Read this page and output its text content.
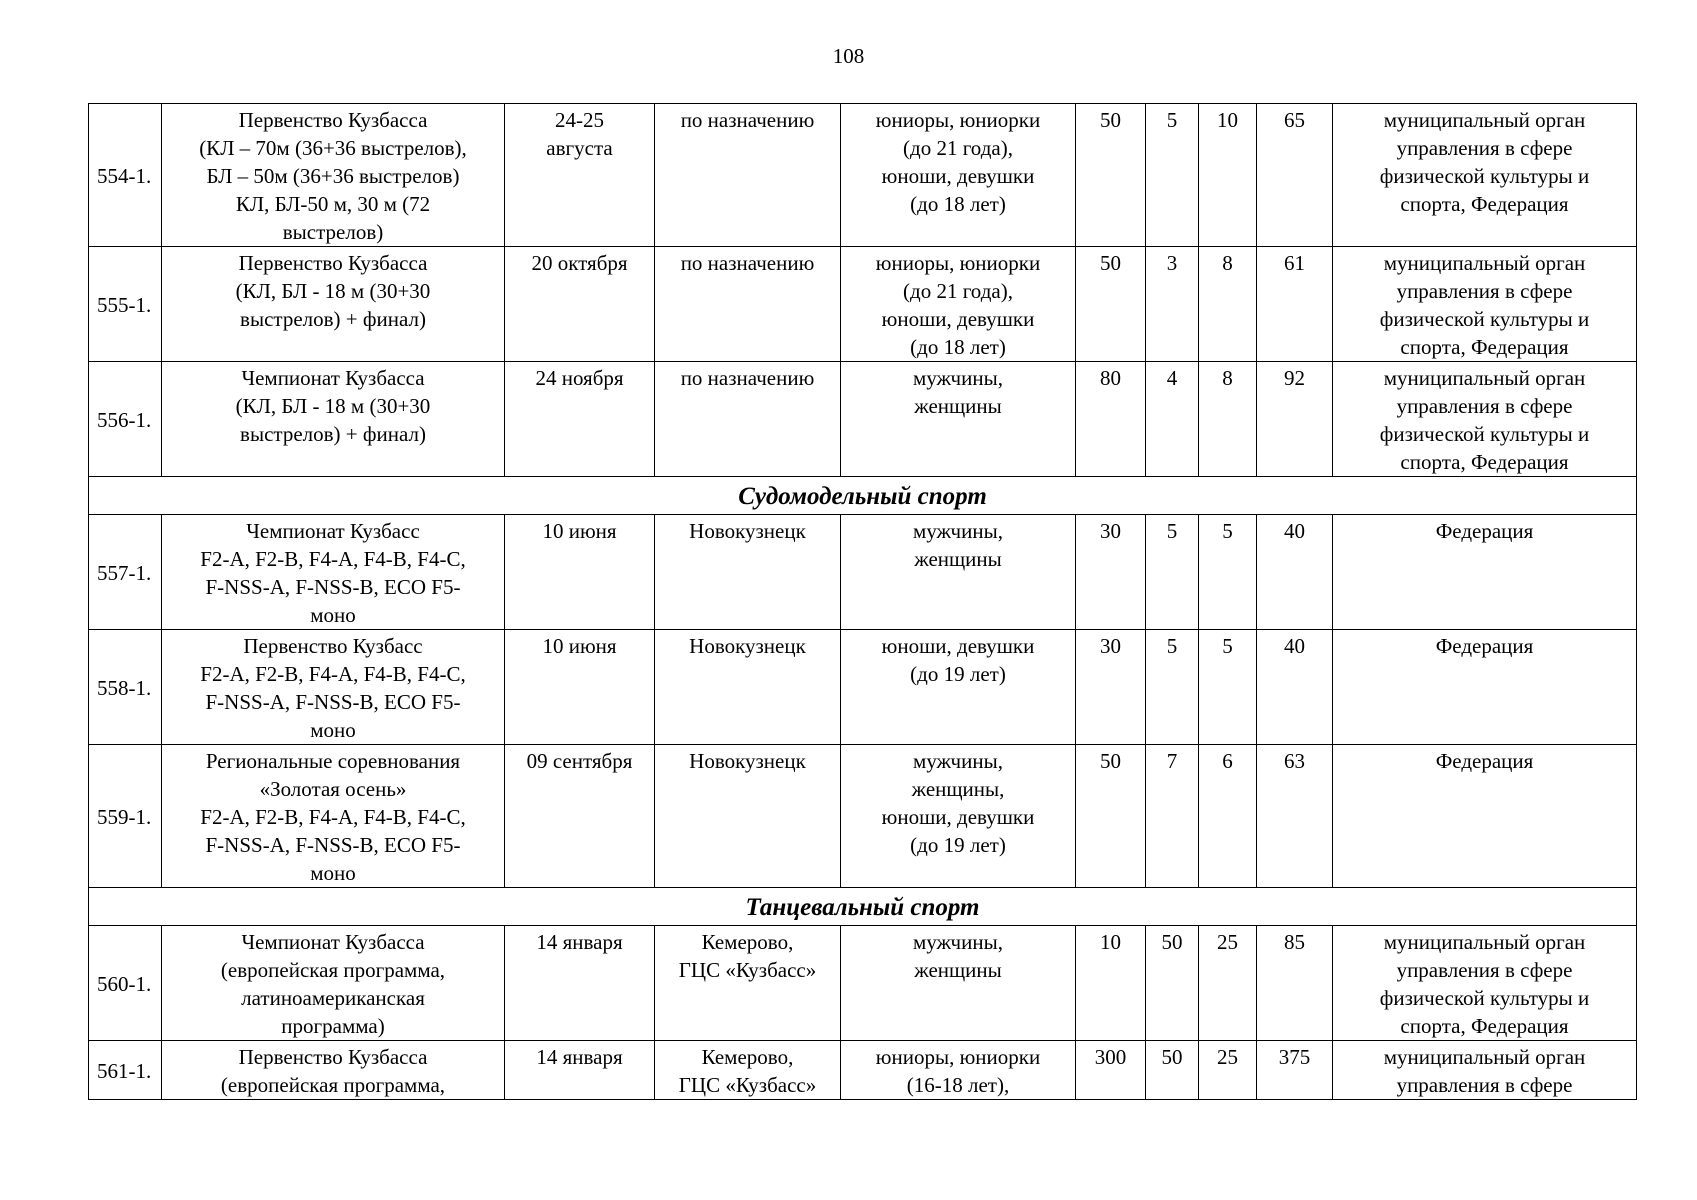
108
554-1.	Первенство Кузбасса
(КЛ – 70м (36+36 выстрелов),
БЛ – 50м (36+36 выстрелов)
КЛ, БЛ-50 м, 30 м (72
выстрелов)	24-25
августа	по назначению	юниоры, юниорки
(до 21 года),
юноши, девушки
(до 18 лет)	50	5	10	65	муниципальный орган
управления в сфере
физической культуры и
спорта, Федерация

555-1.	Первенство Кузбасса
(КЛ, БЛ - 18 м (30+30
выстрелов) + финал)	20 октября	по назначению	юниоры, юниорки
(до 21 года),
юноши, девушки
(до 18 лет)	50	3	8	61	муниципальный орган
управления в сфере
физической культуры и
спорта, Федерация

556-1.	Чемпионат Кузбасса
(КЛ, БЛ - 18 м (30+30
выстрелов) + финал)	24 ноября	по назначению	мужчины,
женщины	80	4	8	92	муниципальный орган
управления в сфере
физической культуры и
спорта, Федерация

Судомодельный спорт									
557-1.	Чемпионат Кузбасс
F2-A, F2-B, F4-A, F4-B, F4-C,
F-NSS-A, F-NSS-B, ECO F5-
моно	10 июня	Новокузнецк	мужчины,
женщины	30	5	5	40	Федерация

558-1.	Первенство Кузбасс
F2-A, F2-B, F4-A, F4-B, F4-C,
F-NSS-A, F-NSS-B, ECO F5-
моно	10 июня	Новокузнецк	юноши, девушки
(до 19 лет)	30	5	5	40	Федерация

559-1.	Региональные соревнования
«Золотая осень»
F2-A, F2-B, F4-A, F4-B, F4-C,
F-NSS-A, F-NSS-B, ECO F5-
моно	09 сентября	Новокузнецк	мужчины,
женщины,
юноши, девушки
(до 19 лет)	50	7	6	63	Федерация

Танцевальный спорт									
560-1.	Чемпионат Кузбасса
(европейская программа,
латиноамериканская
программа)	14 января	Кемерово,
ГЦС «Кузбасс»	мужчины,
женщины	10	50	25	85	муниципальный орган
управления в сфере
физической культуры и
спорта, Федерация

561-1.	Первенство Кузбасса
(европейская программа,	14 января	Кемерово,
ГЦС «Кузбасс»	юниоры, юниорки
(16-18 лет),	300	50	25	375	муниципальный орган
управления в сфере
